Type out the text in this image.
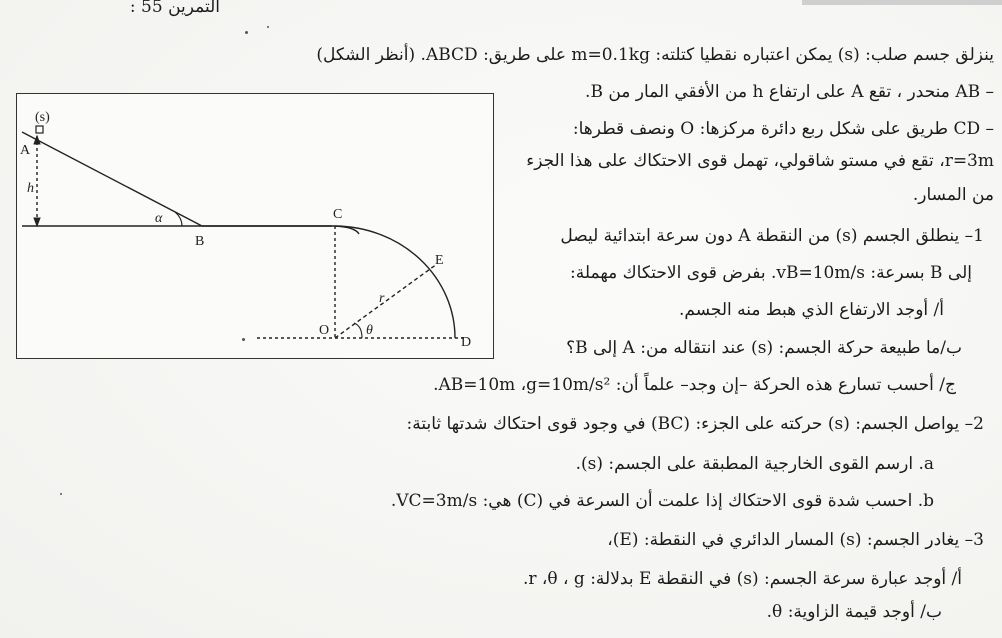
التمرين 55 :
ينزلق جسم صلب: (s) يمكن اعتباره نقطيا كتلته: m=0.1kg على طريق: ABCD. (أنظر الشكل)
– AB منحدر ، تقع A على ارتفاع h من الأفقي المار من B.
– CD طريق على شكل ربع دائرة مركزها: O ونصف قطرها:
r=3m، تقع في مستو شاقولي، تهمل قوى الاحتكاك على هذا الجزء
من المسار.
1– ينطلق الجسم (s) من النقطة A دون سرعة ابتدائية ليصل
إلى B بسرعة: vB=10m/s. بفرض قوى الاحتكاك مهملة:
أ/ أوجد الارتفاع الذي هبط منه الجسم.
ب/ما طبيعة حركة الجسم: (s) عند انتقاله من: A إلى B؟
ج/ أحسب تسارع هذه الحركة –إن وجد– علماً أن: AB=10m ،g=10m/s².
2– يواصل الجسم: (s) حركته على الجزء: (BC) في وجود قوى احتكاك شدتها ثابتة:
a. ارسم القوى الخارجية المطبقة على الجسم: (s).
b. احسب شدة قوى الاحتكاك إذا علمت أن السرعة في (C) هي: VC=3m/s.
3– يغادر الجسم: (s) المسار الدائري في النقطة: (E)،
أ/ أوجد عبارة سرعة الجسم: (s) في النقطة E بدلالة: r ،θ ، g.
ب/ أوجد قيمة الزاوية: θ.
(s)
A
h
α
B
C
E
r
O	θ
D
